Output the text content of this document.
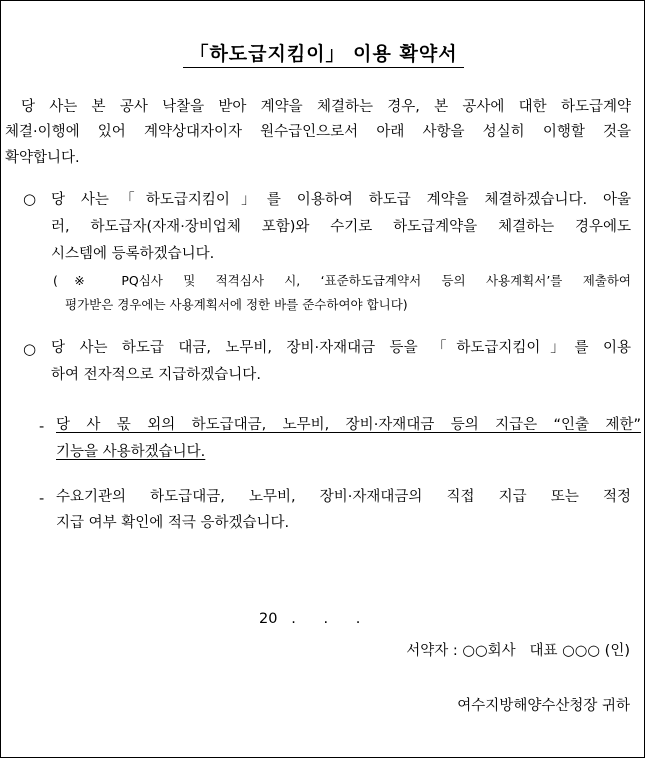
「하도급지킴이」 이용 확약서
당 사는 본 공사 낙찰을 받아 계약을 체결하는 경우, 본 공사에 대한 하도급계약
체결·이행에 있어 계약상대자이자 원수급인으로서 아래 사항을 성실히 이행할 것을
확약합니다.
○ 당 사는「하도급지킴이」를 이용하여 하도급 계약을 체결하겠습니다. 아울
러, 하도급자(자재·장비업체 포함)와 수기로 하도급계약을 체결하는 경우에도
시스템에 등록하겠습니다.
(※ PQ심사 및 적격심사 시, ‘표준하도급계약서 등의 사용계획서’를 제출하여
평가받은 경우에는 사용계획서에 정한 바를 준수하여야 합니다)
○ 당 사는 하도급 대금, 노무비, 장비·자재대금 등을 「하도급지킴이」를 이용
하여 전자적으로 지급하겠습니다.
- 당 사 몫 외의 하도급대금, 노무비, 장비·자재대금 등의 지급은 “인출 제한”
기능을 사용하겠습니다.
- 수요기관의 하도급대금, 노무비, 장비·자재대금의 직접 지급 또는 적정
지급 여부 확인에 적극 응하겠습니다.
20   .      .      .
서약자 : ○○회사   대표 ○○○ (인)
여수지방해양수산청장 귀하
